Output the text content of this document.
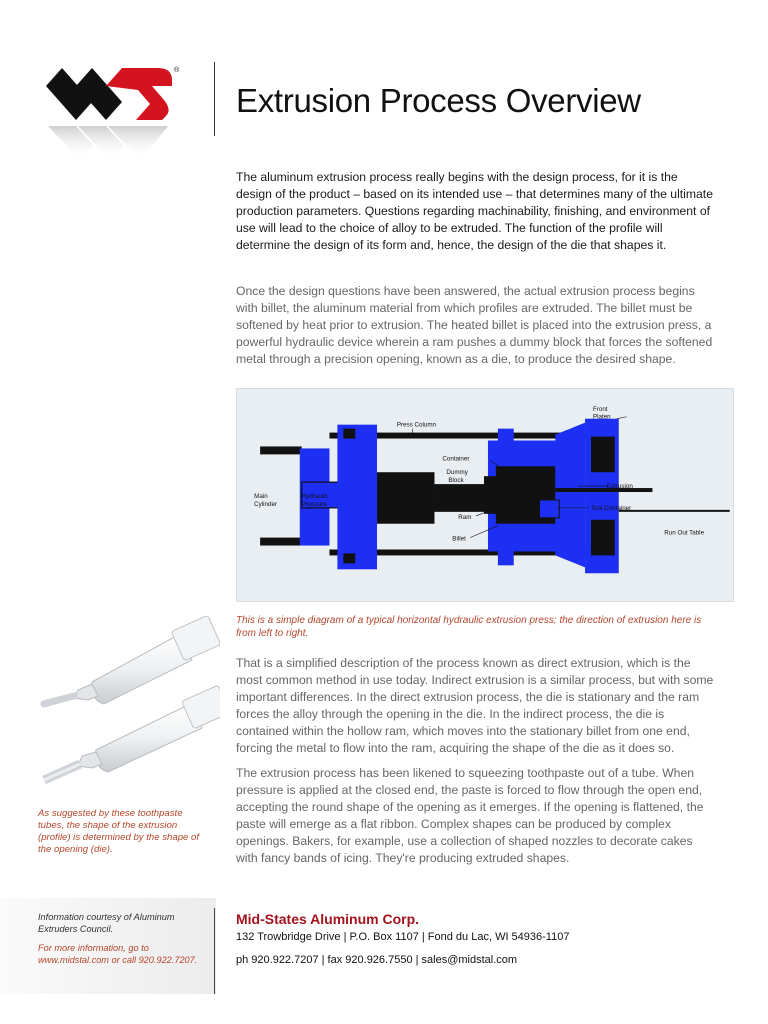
®
Extrusion Process Overview

The aluminum extrusion process really begins with the design process, for it is the design of the product – based on its intended use – that determines many of the ultimate production parameters. Questions regarding machinability, finishing, and environment of use will lead to the choice of alloy to be extruded. The function of the profile will determine the design of its form and, hence, the design of the die that shapes it.

Once the design questions have been answered, the actual extrusion process begins with billet, the aluminum material from which profiles are extruded. The billet must be softened by heat prior to extrusion. The heated billet is placed into the extrusion press, a powerful hydraulic device wherein a ram pushes a dummy block that forces the softened metal through a precision opening, known as a die, to produce the desired shape.

Press Column
Front
Platen
Container
Dummy
Block
Extrusion
Tool Container
Main
Cylinder
Hydraulic
Pressure
Ram
Billet
Run Out Table

This is a simple diagram of a typical horizontal hydraulic extrusion press; the direction of extrusion here is from left to right.

As suggested by these toothpaste tubes, the shape of the extrusion (profile) is determined by the shape of the opening (die).

That is a simplified description of the process known as direct extrusion, which is the most common method in use today. Indirect extrusion is a similar process, but with some important differences. In the direct extrusion process, the die is stationary and the ram forces the alloy through the opening in the die. In the indirect process, the die is contained within the hollow ram, which moves into the stationary billet from one end, forcing the metal to flow into the ram, acquiring the shape of the die as it does so.

The extrusion process has been likened to squeezing toothpaste out of a tube. When pressure is applied at the closed end, the paste is forced to flow through the open end, accepting the round shape of the opening as it emerges. If the opening is flattened, the paste will emerge as a flat ribbon. Complex shapes can be produced by complex openings. Bakers, for example, use a collection of shaped nozzles to decorate cakes with fancy bands of icing. They're producing extruded shapes.

Information courtesy of Aluminum Extruders Council.

For more information, go to www.midstal.com or call 920.922.7207.

Mid-States Aluminum Corp.

132 Trowbridge Drive | P.O. Box 1107 | Fond du Lac, WI 54936-1107

ph 920.922.7207 | fax 920.926.7550 | sales@midstal.com
